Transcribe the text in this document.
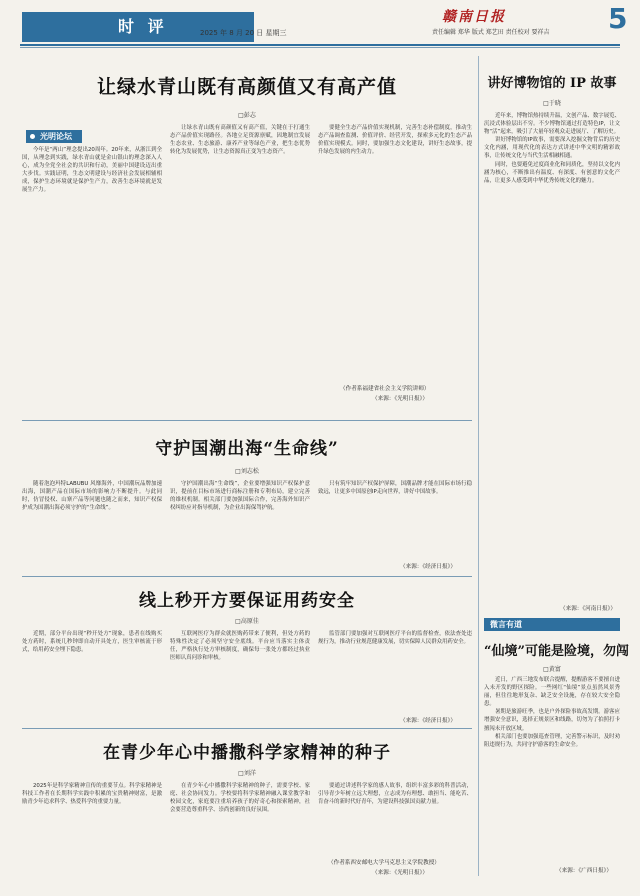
时 评	2025 年 8 月 20 日 星期三
赣南日报
责任编辑 郑华 版式 郑艺田 责任校对 要祥吉 5
让绿水青山既有高颜值又有高产值
□彭志
光明论坛

今年是“两山”理念提出20周年。20年来，从浙江到全国，从理念到实践，绿水青山就是金山银山的理念深入人心，成为全党全社会的共识和行动，美丽中国建设迈出重大步伐。实践证明，生态文明建设与经济社会发展相辅相成，保护生态环境就是保护生产力，改善生态环境就是发展生产力。

让绿水青山既有高颜值又有高产值，关键在于打通生态产品价值实现路径。各地立足资源禀赋，因地制宜发展生态农业、生态旅游、康养产业等绿色产业，把生态优势转化为发展优势，让生态资源真正变为生态资产。

要健全生态产品价值实现机制，完善生态补偿制度，推动生态产品调查监测、价值评价、经营开发，探索多元化的生态产品价值实现模式。同时，要加强生态文化建设，讲好生态故事，提升绿色发展的内生动力。

（作者系福建省社会主义学院讲师）
（来源：《光明日报》）
守护国潮出海“生命线”
□刘志松

随着泡泡玛特LABUBU 风靡海外，中国潮玩品牌加速出海，国潮产品在国际市场的影响力不断提升。与此同时，仿冒侵权、山寨产品等问题也随之而来，知识产权保护成为国潮出海必须守护的“生命线”。

守护国潮出海“生命线”，企业要增强知识产权保护意识，提前在目标市场进行商标注册和专利布局，建立完善的维权机制。相关部门要加强国际合作，完善海外知识产权纠纷应对指导机制，为企业出海保驾护航。

只有筑牢知识产权保护屏障，国潮品牌才能在国际市场行稳致远，让更多中国原创IP走向世界，讲好中国故事。

（来源：《经济日报》）
线上秒开方要保证用药安全
□高原佳

近期，部分平台出现“秒开处方”现象，患者在线购买处方药时，系统几秒钟即自动开具处方，医生审核流于形式，给用药安全埋下隐患。

互联网医疗为群众就医购药带来了便利，但处方药的特殊性决定了必须坚守安全底线。平台应当落实主体责任，严格执行处方审核制度，确保每一张处方都经过执业医师认真问诊和审核。

监管部门要加强对互联网医疗平台的监督检查，依法查处违规行为，推动行业规范健康发展，切实保障人民群众用药安全。

（来源：《经济日报》）
在青少年心中播撒科学家精神的种子
□刘洋

2025年是科学家精神宣传的重要节点。科学家精神是科技工作者在长期科学实践中积累的宝贵精神财富，是激励青少年追求科学、热爱科学的重要力量。

在青少年心中播撒科学家精神的种子，需要学校、家庭、社会协同发力。学校要将科学家精神融入课堂教学和校园文化，家庭要注重培养孩子的好奇心和探索精神，社会要营造尊重科学、崇尚创新的良好氛围。

要通过讲述科学家的感人故事，组织丰富多彩的科普活动，引导青少年树立远大理想，立志成为有理想、敢担当、能吃苦、肯奋斗的新时代好青年，为建设科技强国贡献力量。

（作者系西安邮电大学马克思主义学院教授）
（来源：《光明日报》）
讲好博物馆的 IP 故事
□于晓

近年来，博物馆热持续升温，文创产品、数字展览、沉浸式体验层出不穷。不少博物馆通过打造特色IP，让文物“活”起来，吸引了大量年轻观众走进展厅、了解历史。

讲好博物馆的IP故事，需要深入挖掘文物背后的历史文化内涵，用现代化的表达方式讲述中华文明的精彩故事，让传统文化与当代生活相融相通。

同时，也要避免过度商业化和同质化，坚持以文化内涵为核心，不断推出有温度、有深度、有创意的文化产品，让更多人感受到中华优秀传统文化的魅力。

（来源：《河南日报》）
微言有道
“仙境”可能是险境，勿闯
□黄富

近日，广西三地发布联合提醒，提醒游客不要擅自进入未开发的野区探险。一些网红“仙境”景点虽然风景秀丽，但往往地形复杂、缺乏安全设施，存在较大安全隐患。

暑期是旅游旺季，也是户外探险事故高发期。游客应增强安全意识，选择正规景区和线路，切勿为了拍照打卡擅闯未开放区域。

相关部门也要加强巡查管理，完善警示标识，及时劝阻违规行为，共同守护游客的生命安全。

（来源：《广西日报》）
